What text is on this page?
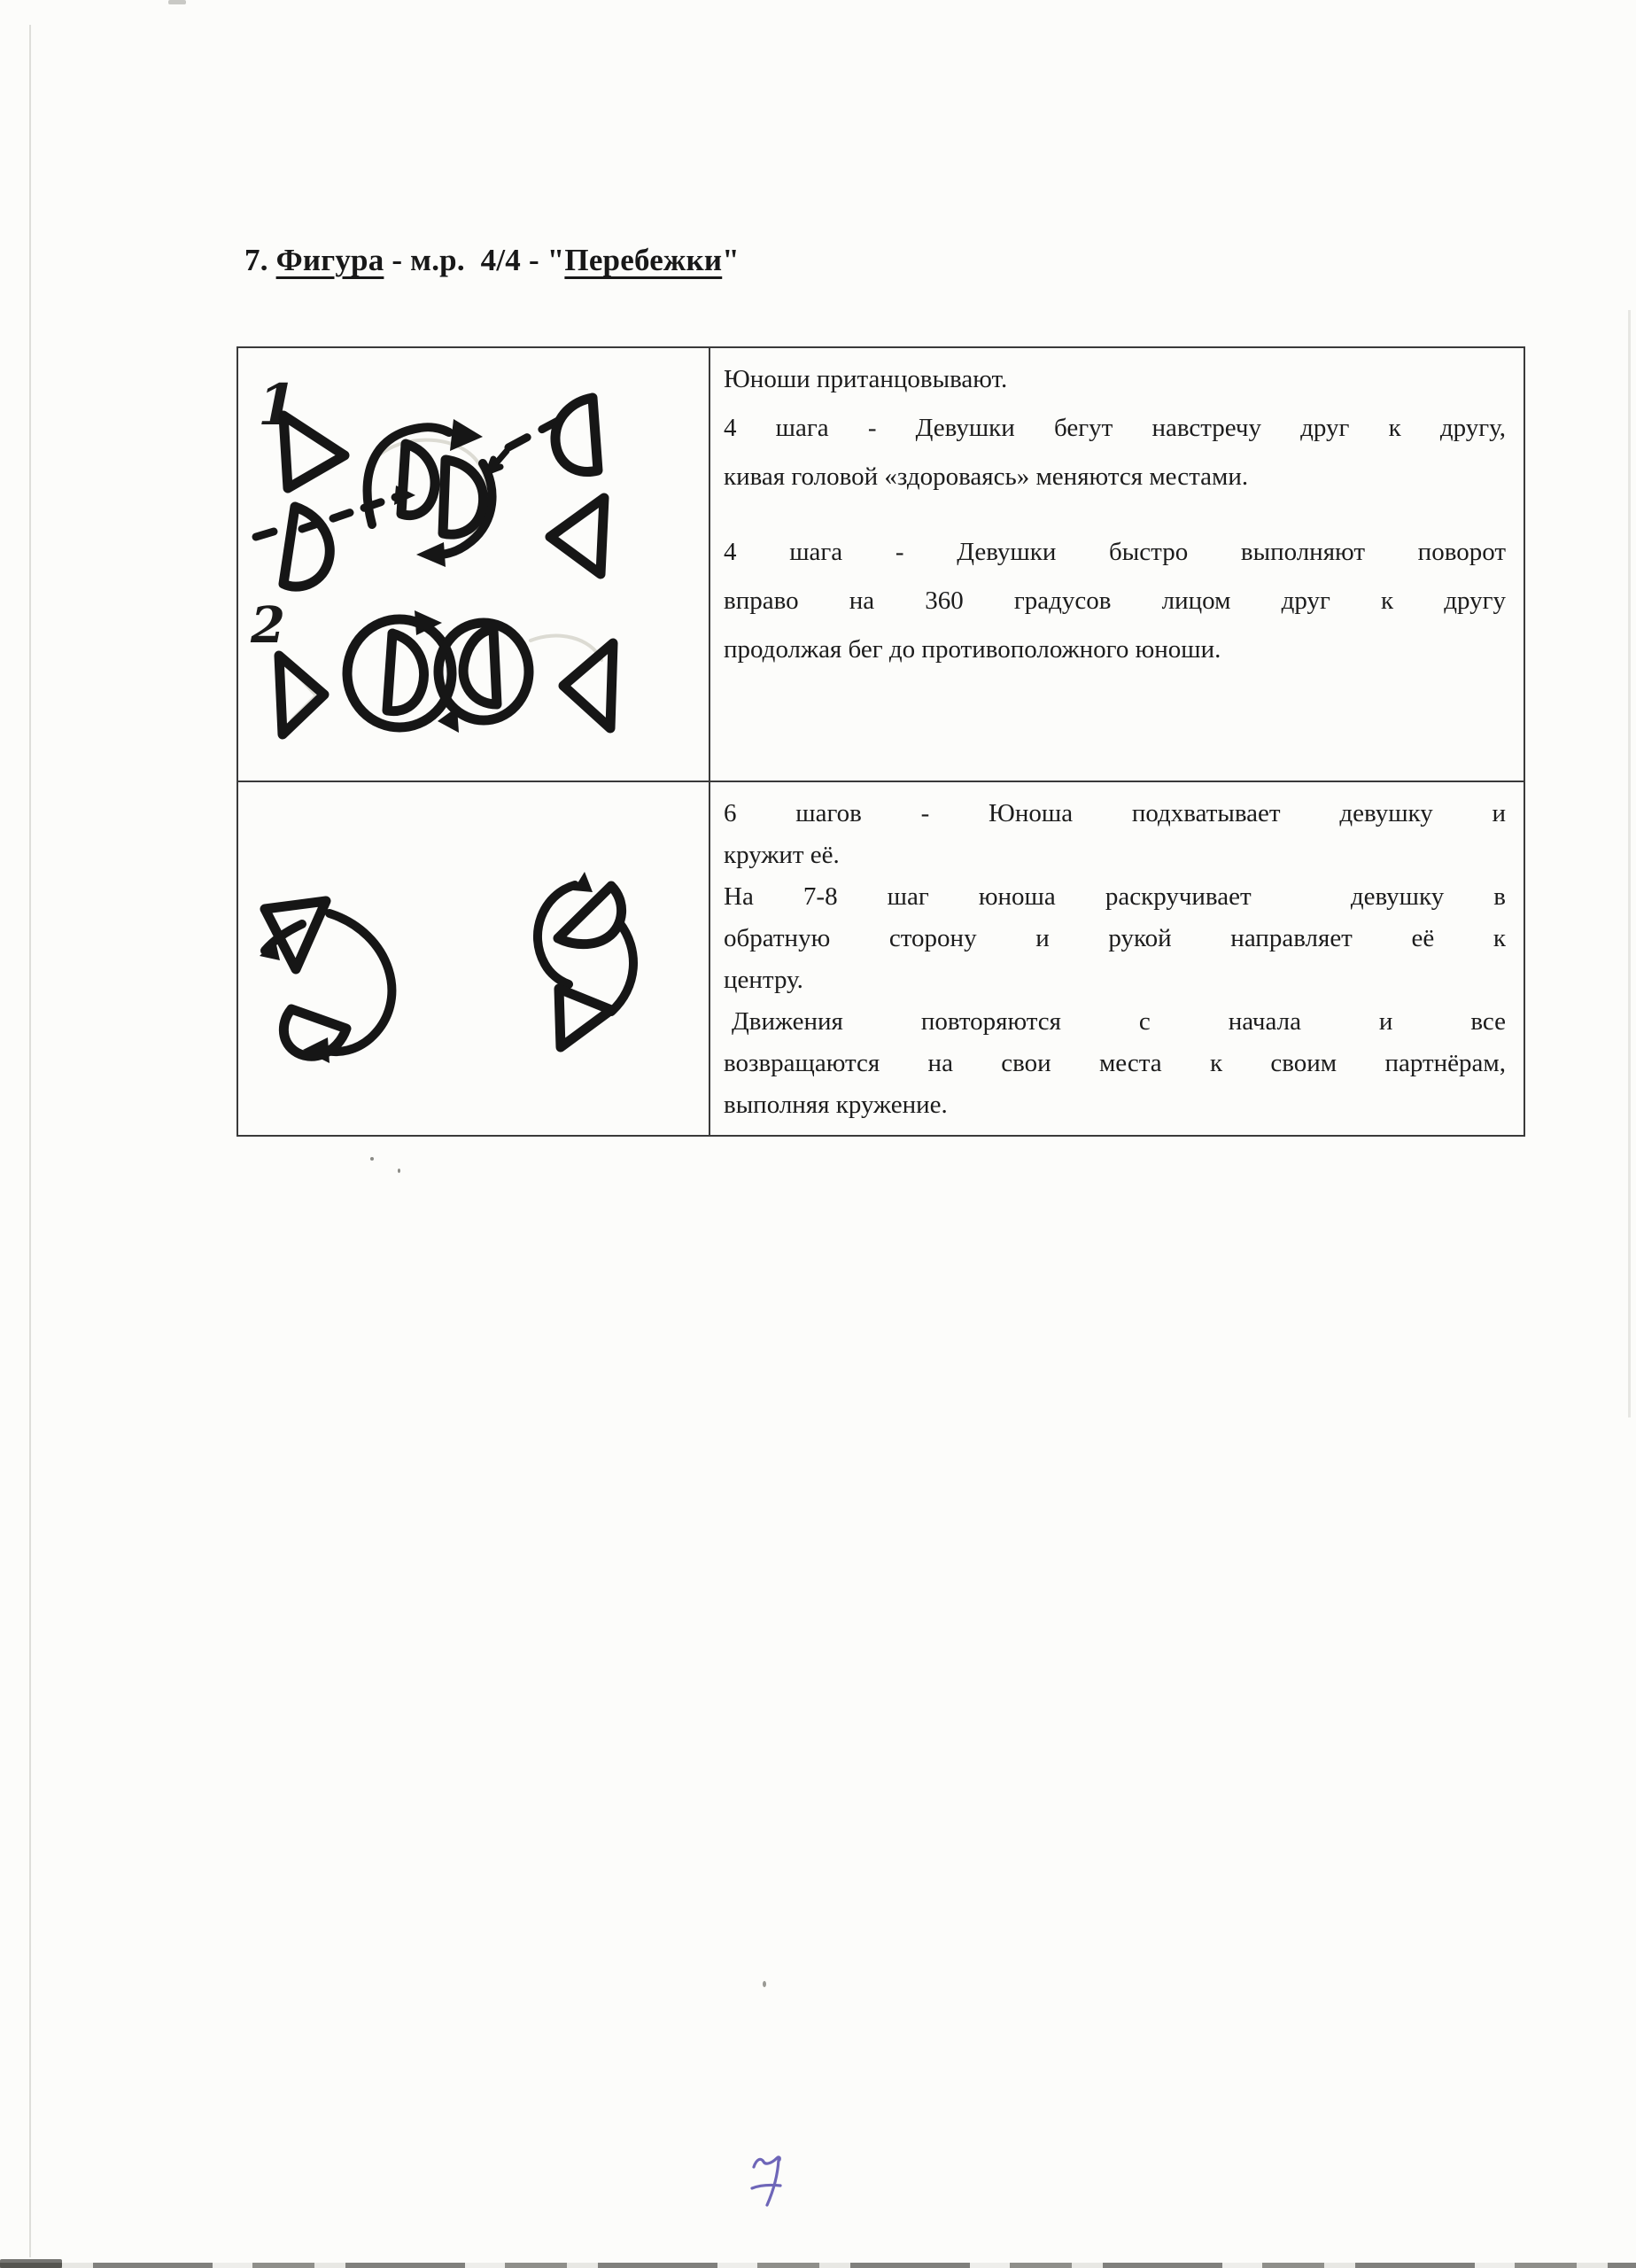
7. Фигура - м.р.  4/4 - "Перебежки"
1
2
Юноши пританцовывают.
4 шага - Девушки бегут навстречу друг к другу,
кивая головой «здороваясь» меняются местами.
4 шага - Девушки быстро выполняют поворот
вправо на 360 градусов лицом друг к другу
продолжая бег до противоположного юноши.
6 шагов - Юноша подхватывает девушку и
кружит её.
На 7-8 шаг юноша раскручивает  девушку в
обратную сторону и рукой направляет её к
центру.
Движения повторяются с начала и все
возвращаются на свои места к своим партнёрам,
выполняя кружение.
